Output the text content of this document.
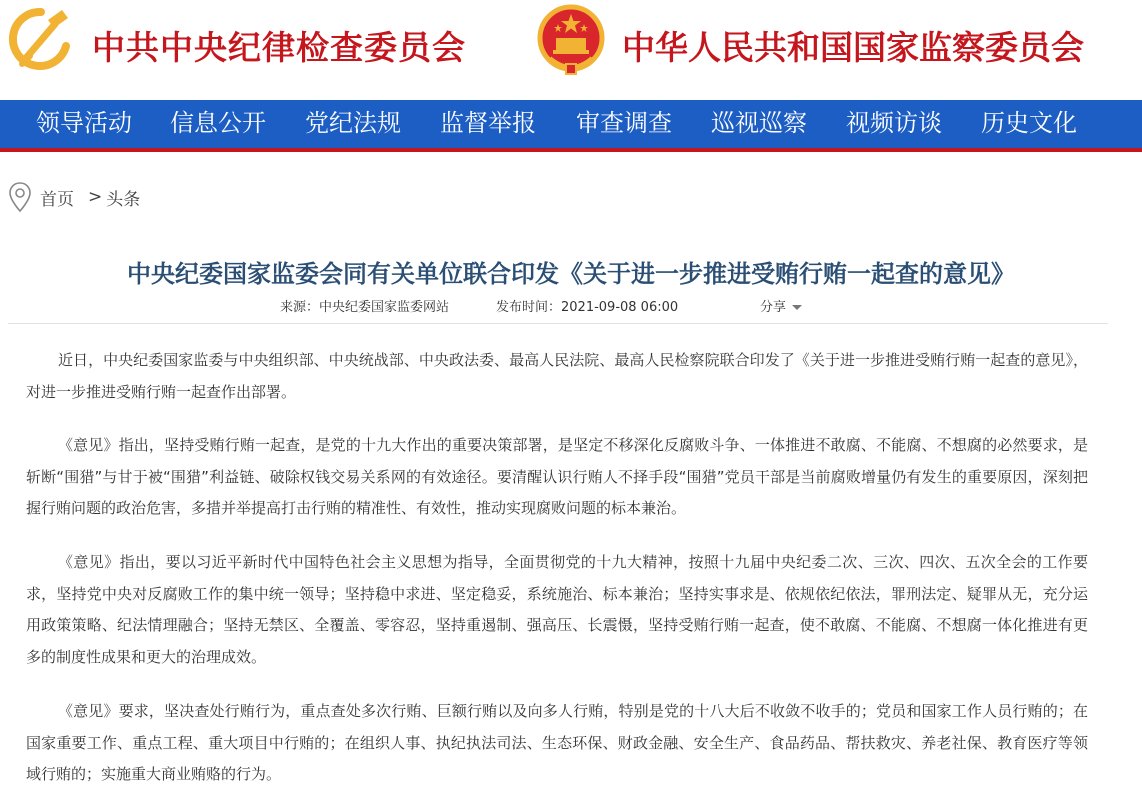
中共中央纪律检查委员会	中华人民共和国国家监察委员会
领导活动 信息公开 党纪法规 监督举报 审查调查 巡视巡察 视频访谈 历史文化
首页 > 头条
中央纪委国家监委会同有关单位联合印发《关于进一步推进受贿行贿一起查的意见》
来源：中央纪委国家监委网站	发布时间：2021-09-08 06:00	分享

近日，中央纪委国家监委与中央组织部、中央统战部、中央政法委、最高人民法院、最高人民检察院联合印发了《关于进一步推进受贿行贿一起查的意见》，对进一步推进受贿行贿一起查作出部署。

《意见》指出，坚持受贿行贿一起查，是党的十九大作出的重要决策部署，是坚定不移深化反腐败斗争、一体推进不敢腐、不能腐、不想腐的必然要求，是斩断“围猎”与甘于被“围猎”利益链、破除权钱交易关系网的有效途径。要清醒认识行贿人不择手段“围猎”党员干部是当前腐败增量仍有发生的重要原因，深刻把握行贿问题的政治危害，多措并举提高打击行贿的精准性、有效性，推动实现腐败问题的标本兼治。

《意见》指出，要以习近平新时代中国特色社会主义思想为指导，全面贯彻党的十九大精神，按照十九届中央纪委二次、三次、四次、五次全会的工作要求，坚持党中央对反腐败工作的集中统一领导；坚持稳中求进、坚定稳妥，系统施治、标本兼治；坚持实事求是、依规依纪依法，罪刑法定、疑罪从无，充分运用政策策略、纪法情理融合；坚持无禁区、全覆盖、零容忍，坚持重遏制、强高压、长震慑，坚持受贿行贿一起查，使不敢腐、不能腐、不想腐一体化推进有更多的制度性成果和更大的治理成效。

《意见》要求，坚决查处行贿行为，重点查处多次行贿、巨额行贿以及向多人行贿，特别是党的十八大后不收敛不收手的；党员和国家工作人员行贿的；在国家重要工作、重点工程、重大项目中行贿的；在组织人事、执纪执法司法、生态环保、财政金融、安全生产、食品药品、帮扶救灾、养老社保、教育医疗等领域行贿的；实施重大商业贿赂的行为。
